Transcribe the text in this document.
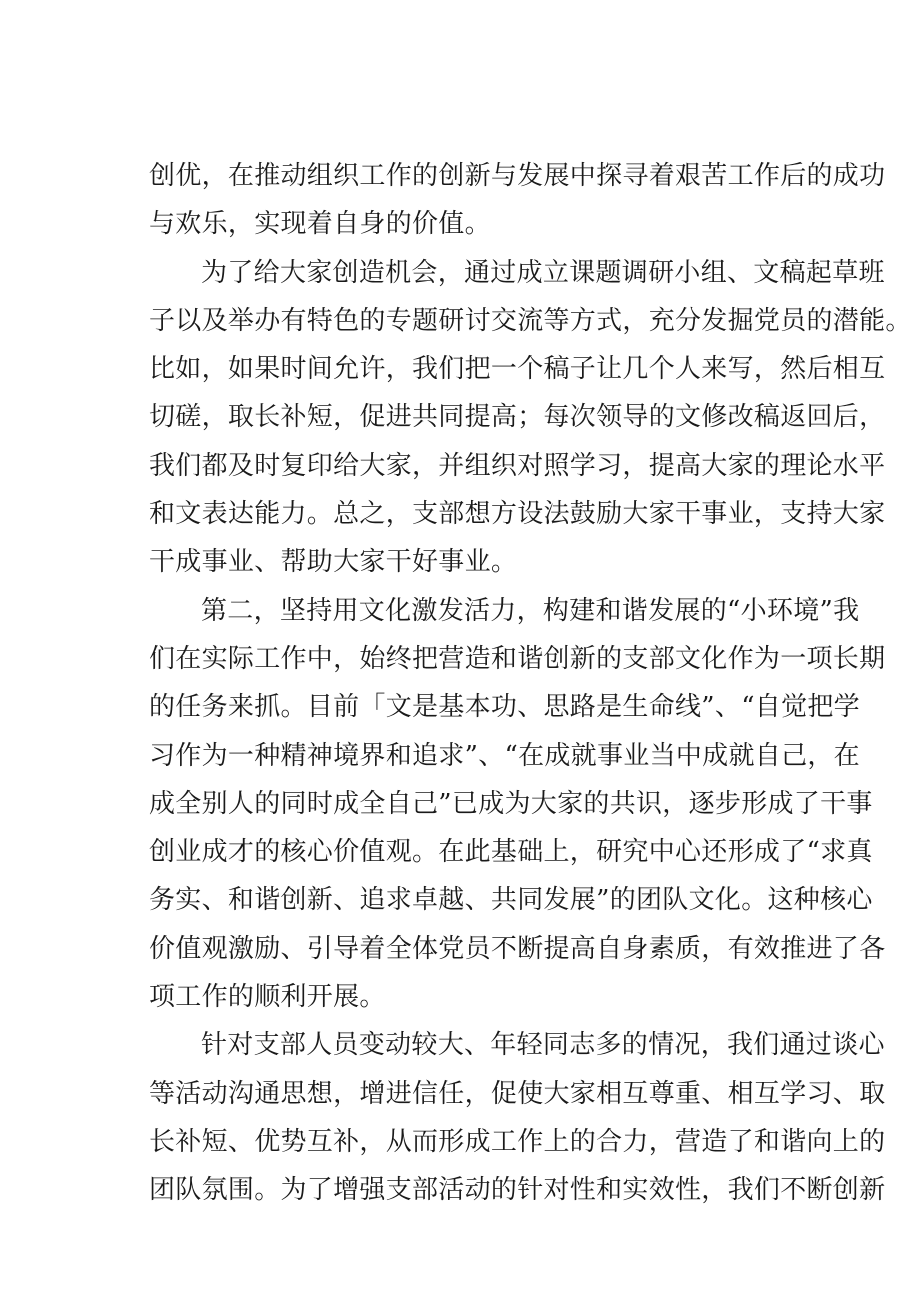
创优，在推动组织工作的创新与发展中探寻着艰苦工作后的成功
与欢乐，实现着自身的价值。
为了给大家创造机会，通过成立课题调研小组、文稿起草班
子以及举办有特色的专题研讨交流等方式，充分发掘党员的潜能。
比如，如果时间允许，我们把一个稿子让几个人来写，然后相互
切磋，取长补短，促进共同提高；每次领导的文修改稿返回后，
我们都及时复印给大家，并组织对照学习，提高大家的理论水平
和文表达能力。总之，支部想方设法鼓励大家干事业，支持大家
干成事业、帮助大家干好事业。
第二，坚持用文化激发活力，构建和谐发展的“小环境”我
们在实际工作中，始终把营造和谐创新的支部文化作为一项长期
的任务来抓。目前「文是基本功、思路是生命线”、“自觉把学
习作为一种精神境界和追求”、“在成就事业当中成就自己，在
成全别人的同时成全自己”已成为大家的共识，逐步形成了干事
创业成才的核心价值观。在此基础上，研究中心还形成了“求真
务实、和谐创新、追求卓越、共同发展”的团队文化。这种核心
价值观激励、引导着全体党员不断提高自身素质，有效推进了各
项工作的顺利开展。
针对支部人员变动较大、年轻同志多的情况，我们通过谈心
等活动沟通思想，增进信任，促使大家相互尊重、相互学习、取
长补短、优势互补，从而形成工作上的合力，营造了和谐向上的
团队氛围。为了增强支部活动的针对性和实效性，我们不断创新
